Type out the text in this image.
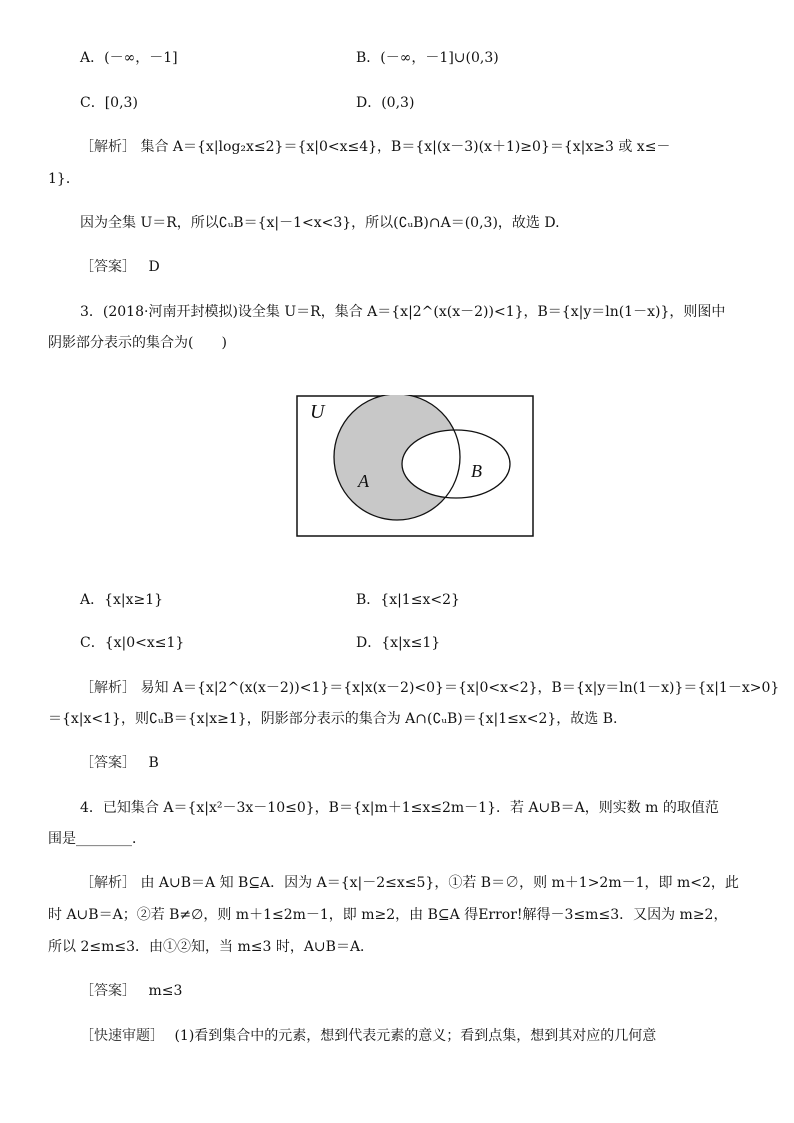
A．(－∞，－1]	B．(－∞，－1]∪(0,3)
C．[0,3)	D．(0,3)
［解析］ 集合 A＝{x|log₂x≤2}＝{x|0<x≤4}，B＝{x|(x－3)(x＋1)≥0}＝{x|x≥3 或 x≤－
1}．
因为全集 U＝R，所以∁ᵤB＝{x|－1<x<3}，所以(∁ᵤB)∩A＝(0,3)，故选 D.
［答案］ D
3．(2018·河南开封模拟)设全集 U＝R，集合 A＝{x|2^(x(x－2))<1}，B＝{x|y＝ln(1－x)}，则图中
阴影部分表示的集合为(　　)
U
A	B
A．{x|x≥1}	B．{x|1≤x<2}
C．{x|0<x≤1}	D．{x|x≤1}
［解析］ 易知 A＝{x|2^(x(x－2))<1}＝{x|x(x－2)<0}＝{x|0<x<2}，B＝{x|y＝ln(1－x)}＝{x|1－x>0}
＝{x|x<1}，则∁ᵤB＝{x|x≥1}，阴影部分表示的集合为 A∩(∁ᵤB)＝{x|1≤x<2}，故选 B.
［答案］ B
4．已知集合 A＝{x|x²－3x－10≤0}，B＝{x|m＋1≤x≤2m－1}．若 A∪B＝A，则实数 m 的取值范
围是________．
［解析］ 由 A∪B＝A 知 B⊆A．因为 A＝{x|－2≤x≤5}，①若 B＝∅，则 m＋1>2m－1，即 m<2，此
时 A∪B＝A；②若 B≠∅，则 m＋1≤2m－1，即 m≥2，由 B⊆A 得Error!解得－3≤m≤3．又因为 m≥2，
所以 2≤m≤3．由①②知，当 m≤3 时，A∪B＝A．
［答案］ m≤3
［快速审题］ (1)看到集合中的元素，想到代表元素的意义；看到点集，想到其对应的几何意
